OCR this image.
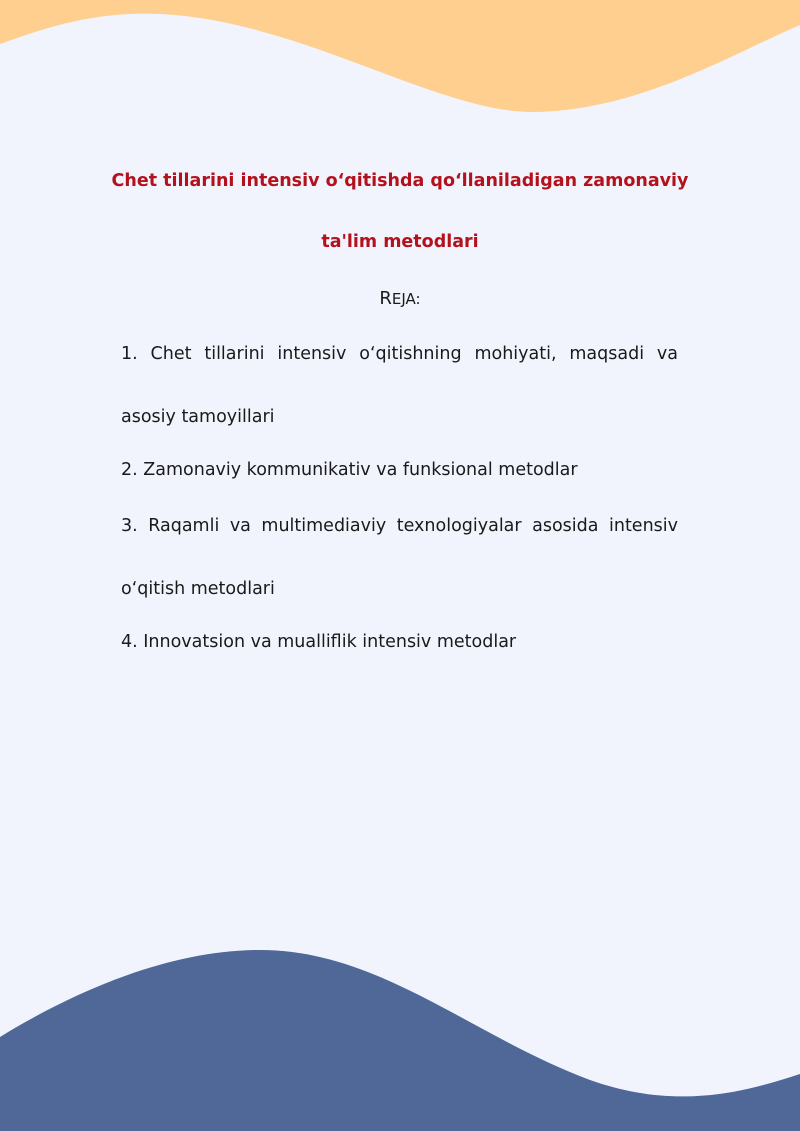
Chet tillarini intensiv o‘qitishda qo‘llaniladigan zamonaviy

ta'lim metodlari

REJA:

1. Chet tillarini intensiv o‘qitishning mohiyati, maqsadi va

asosiy tamoyillari

2. Zamonaviy kommunikativ va funksional metodlar

3. Raqamli va multimediaviy texnologiyalar asosida intensiv

o‘qitish metodlari

4. Innovatsion va mualliflik intensiv metodlar
